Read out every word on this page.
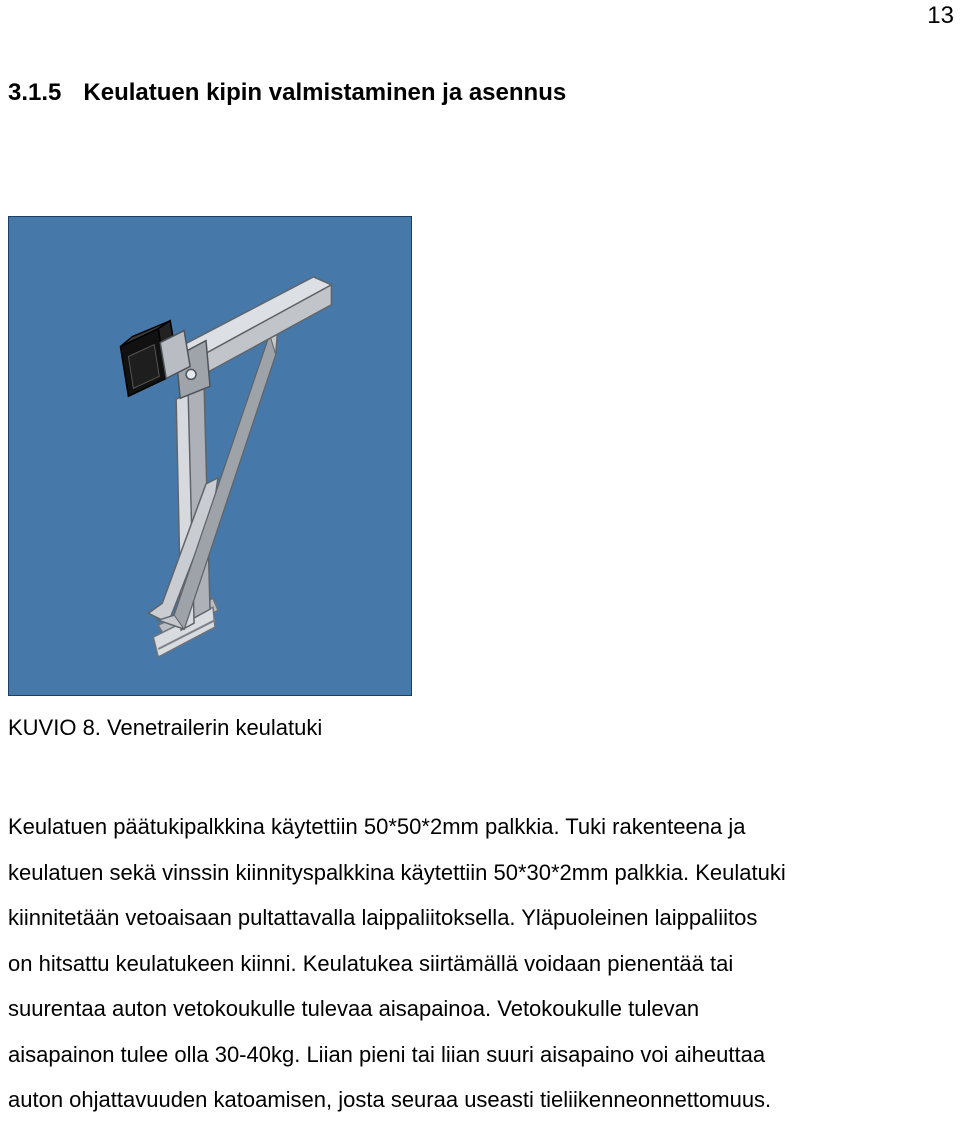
13
3.1.5 Keulatuen kipin valmistaminen ja asennus
KUVIO 8. Venetrailerin keulatuki

Keulatuen päätukipalkkina käytettiin 50*50*2mm palkkia. Tuki rakenteena ja
keulatuen sekä vinssin kiinnityspalkkina käytettiin 50*30*2mm palkkia. Keulatuki
kiinnitetään vetoaisaan pultattavalla laippaliitoksella. Yläpuoleinen laippaliitos
on hitsattu keulatukeen kiinni. Keulatukea siirtämällä voidaan pienentää tai
suurentaa auton vetokoukulle tulevaa aisapainoa. Vetokoukulle tulevan
aisapainon tulee olla 30-40kg. Liian pieni tai liian suuri aisapaino voi aiheuttaa
auton ohjattavuuden katoamisen, josta seuraa useasti tieliikenneonnettomuus.
